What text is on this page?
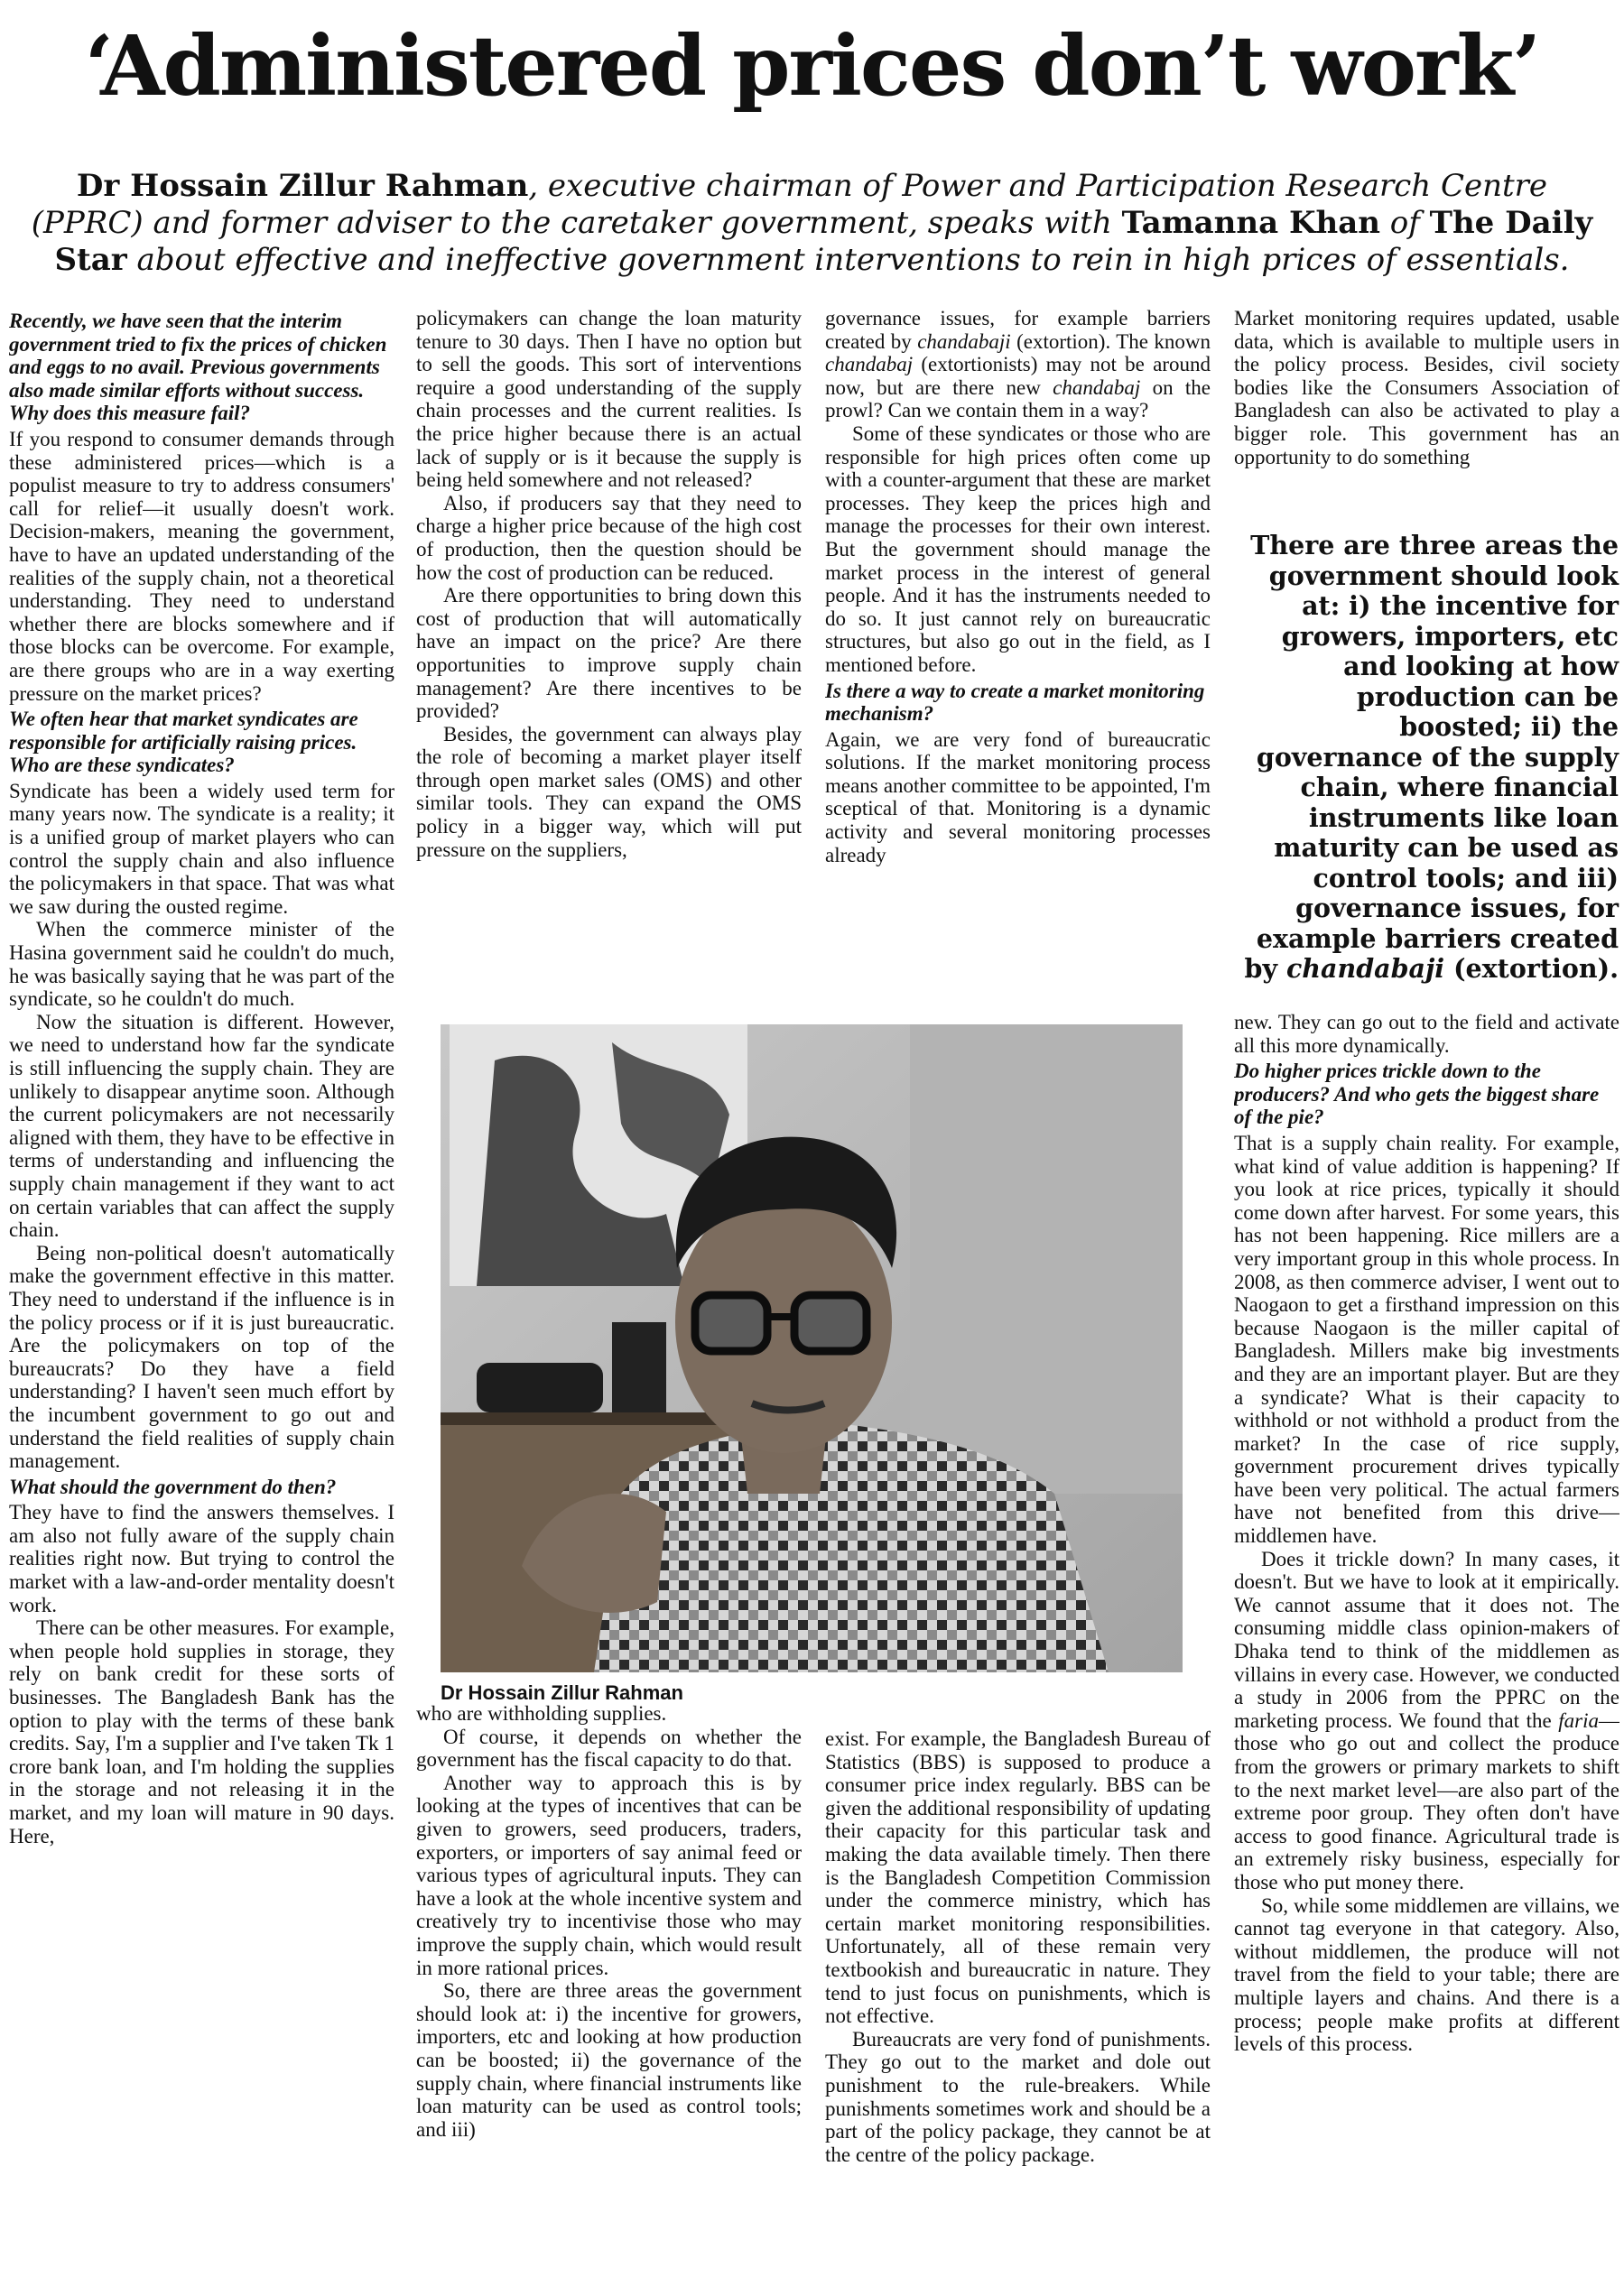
‘Administered prices don’t work’

Dr Hossain Zillur Rahman, executive chairman of Power and Participation Research Centre (PPRC) and former adviser to the caretaker government, speaks with Tamanna Khan of The Daily Star about effective and ineffective government interventions to rein in high prices of essentials.

Recently, we have seen that the interim government tried to fix the prices of chicken and eggs to no avail. Previous governments also made similar efforts without success. Why does this measure fail?

If you respond to consumer demands through these administered prices—which is a populist measure to try to address consumers' call for relief—it usually doesn't work. Decision-makers, meaning the government, have to have an updated understanding of the realities of the supply chain, not a theoretical understanding. They need to understand whether there are blocks somewhere and if those blocks can be overcome. For example, are there groups who are in a way exerting pressure on the market prices?

We often hear that market syndicates are responsible for artificially raising prices. Who are these syndicates?

Syndicate has been a widely used term for many years now. The syndicate is a reality; it is a unified group of market players who can control the supply chain and also influence the policymakers in that space. That was what we saw during the ousted regime.

When the commerce minister of the Hasina government said he couldn't do much, he was basically saying that he was part of the syndicate, so he couldn't do much.

Now the situation is different. However, we need to understand how far the syndicate is still influencing the supply chain. They are unlikely to disappear anytime soon. Although the current policymakers are not necessarily aligned with them, they have to be effective in terms of understanding and influencing the supply chain management if they want to act on certain variables that can affect the supply chain.

Being non-political doesn't automatically make the government effective in this matter. They need to understand if the influence is in the policy process or if it is just bureaucratic. Are the policymakers on top of the bureaucrats? Do they have a field understanding? I haven't seen much effort by the incumbent government to go out and understand the field realities of supply chain management.

What should the government do then?

They have to find the answers themselves. I am also not fully aware of the supply chain realities right now. But trying to control the market with a law-and-order mentality doesn't work.

There can be other measures. For example, when people hold supplies in storage, they rely on bank credit for these sorts of businesses. The Bangladesh Bank has the option to play with the terms of these bank credits. Say, I'm a supplier and I've taken Tk 1 crore bank loan, and I'm holding the supplies in the storage and not releasing it in the market, and my loan will mature in 90 days. Here,

policymakers can change the loan maturity tenure to 30 days. Then I have no option but to sell the goods. This sort of interventions require a good understanding of the supply chain processes and the current realities. Is the price higher because there is an actual lack of supply or is it because the supply is being held somewhere and not released?

Also, if producers say that they need to charge a higher price because of the high cost of production, then the question should be how the cost of production can be reduced.

Are there opportunities to bring down this cost of production that will automatically have an impact on the price? Are there opportunities to improve supply chain management? Are there incentives to be provided?

Besides, the government can always play the role of becoming a market player itself through open market sales (OMS) and other similar tools. They can expand the OMS policy in a bigger way, which will put pressure on the suppliers,

governance issues, for example barriers created by chandabaji (extortion). The known chandabaj (extortionists) may not be around now, but are there new chandabaj on the prowl? Can we contain them in a way?

Some of these syndicates or those who are responsible for high prices often come up with a counter-argument that these are market processes. They keep the prices high and manage the processes for their own interest. But the government should manage the market process in the interest of general people. And it has the instruments needed to do so. It just cannot rely on bureaucratic structures, but also go out in the field, as I mentioned before.

Is there a way to create a market monitoring mechanism?

Again, we are very fond of bureaucratic solutions. If the market monitoring process means another committee to be appointed, I'm sceptical of that. Monitoring is a dynamic activity and several monitoring processes already

Market monitoring requires updated, usable data, which is available to multiple users in the policy process. Besides, civil society bodies like the Consumers Association of Bangladesh can also be activated to play a bigger role. This government has an opportunity to do something

There are three areas the government should look at: i) the incentive for growers, importers, etc and looking at how production can be boosted; ii) the governance of the supply chain, where financial instruments like loan maturity can be used as control tools; and iii) governance issues, for example barriers created by chandabaji (extortion).

Dr Hossain Zillur Rahman

who are withholding supplies.

Of course, it depends on whether the government has the fiscal capacity to do that.

Another way to approach this is by looking at the types of incentives that can be given to growers, seed producers, traders, exporters, or importers of say animal feed or various types of agricultural inputs. They can have a look at the whole incentive system and creatively try to incentivise those who may improve the supply chain, which would result in more rational prices.

So, there are three areas the government should look at: i) the incentive for growers, importers, etc and looking at how production can be boosted; ii) the governance of the supply chain, where financial instruments like loan maturity can be used as control tools; and iii)

exist. For example, the Bangladesh Bureau of Statistics (BBS) is supposed to produce a consumer price index regularly. BBS can be given the additional responsibility of updating their capacity for this particular task and making the data available timely. Then there is the Bangladesh Competition Commission under the commerce ministry, which has certain market monitoring responsibilities. Unfortunately, all of these remain very textbookish and bureaucratic in nature. They tend to just focus on punishments, which is not effective.

Bureaucrats are very fond of punishments. They go out to the market and dole out punishment to the rule-breakers. While punishments sometimes work and should be a part of the policy package, they cannot be at the centre of the policy package.

new. They can go out to the field and activate all this more dynamically.

Do higher prices trickle down to the producers? And who gets the biggest share of the pie?

That is a supply chain reality. For example, what kind of value addition is happening? If you look at rice prices, typically it should come down after harvest. For some years, this has not been happening. Rice millers are a very important group in this whole process. In 2008, as then commerce adviser, I went out to Naogaon to get a firsthand impression on this because Naogaon is the miller capital of Bangladesh. Millers make big investments and they are an important player. But are they a syndicate? What is their capacity to withhold or not withhold a product from the market? In the case of rice supply, government procurement drives typically have been very political. The actual farmers have not benefited from this drive—middlemen have.

Does it trickle down? In many cases, it doesn't. But we have to look at it empirically. We cannot assume that it does not. The consuming middle class opinion-makers of Dhaka tend to think of the middlemen as villains in every case. However, we conducted a study in 2006 from the PPRC on the marketing process. We found that the faria—those who go out and collect the produce from the growers or primary markets to shift to the next market level—are also part of the extreme poor group. They often don't have access to good finance. Agricultural trade is an extremely risky business, especially for those who put money there.

So, while some middlemen are villains, we cannot tag everyone in that category. Also, without middlemen, the produce will not travel from the field to your table; there are multiple layers and chains. And there is a process; people make profits at different levels of this process.
